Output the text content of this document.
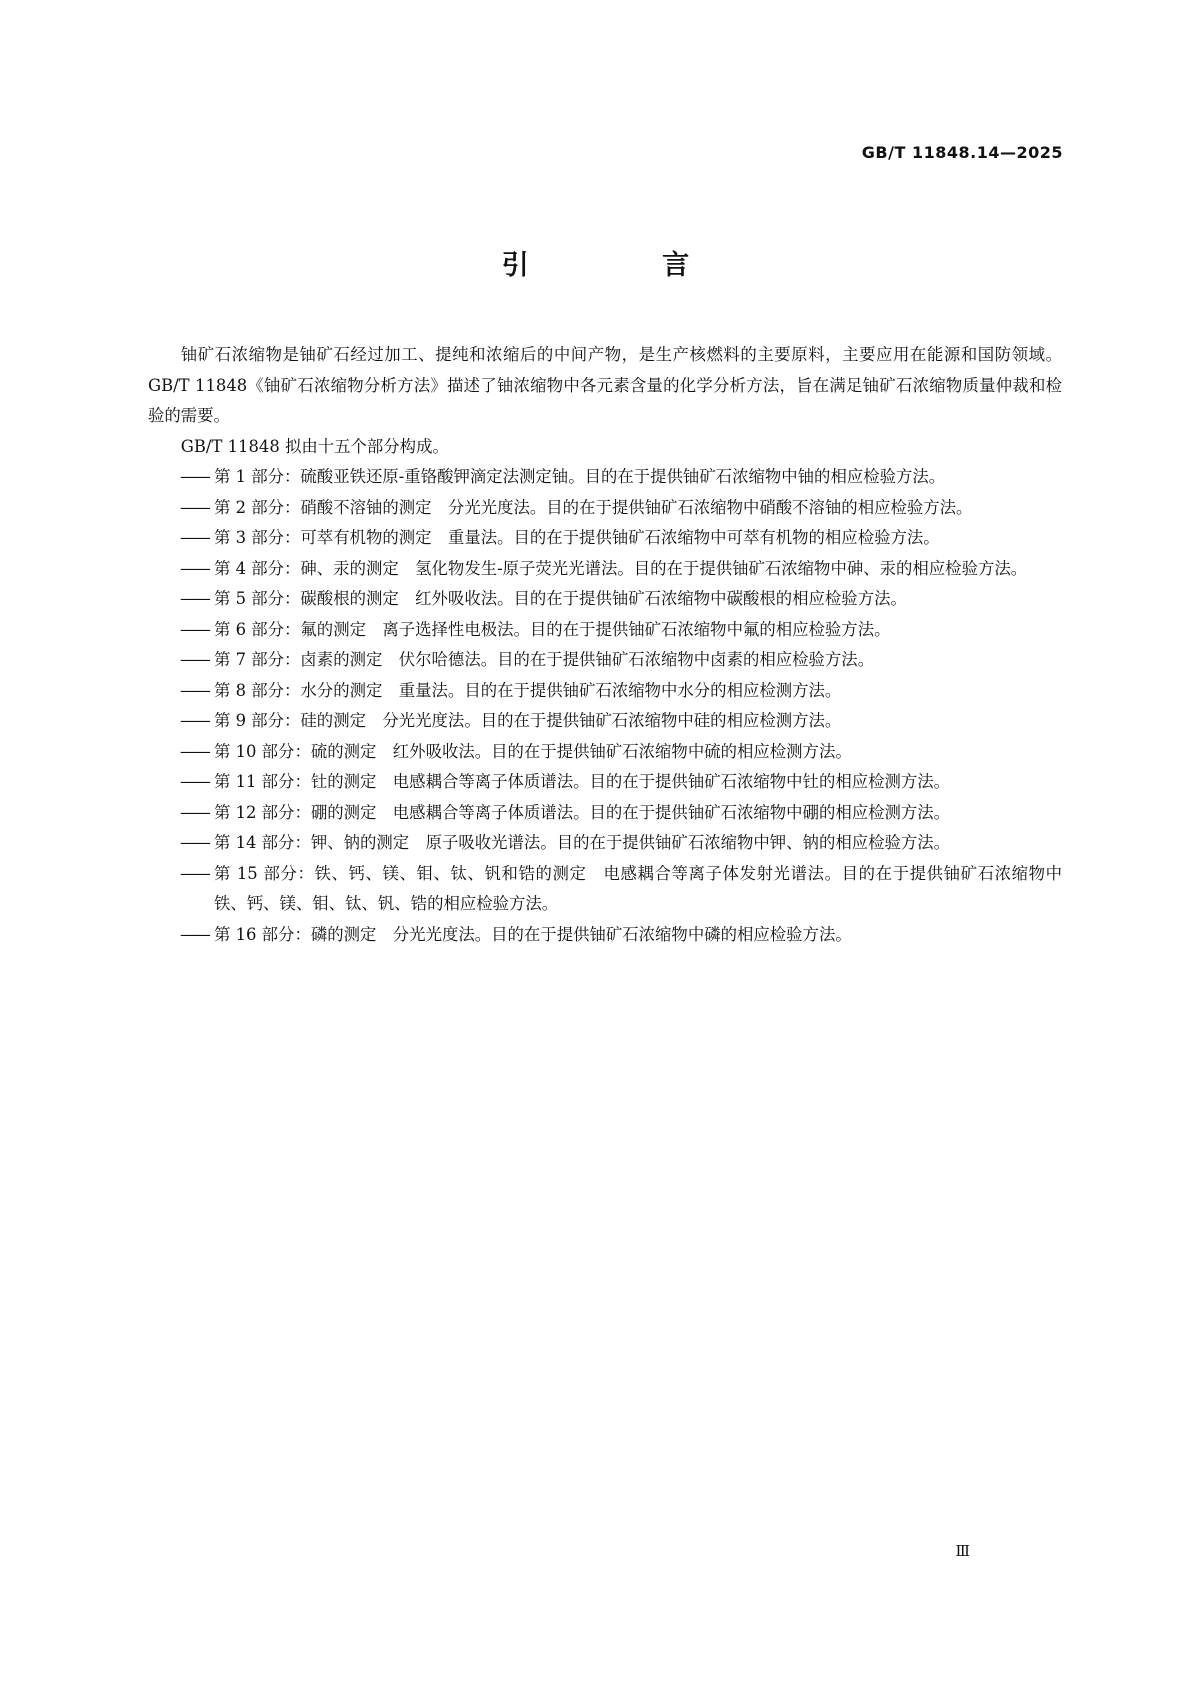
GB/T 11848.14—2025
引 言

铀矿石浓缩物是铀矿石经过加工、提纯和浓缩后的中间产物，是生产核燃料的主要原料，主要应用在能源和国防领域。GB/T 11848《铀矿石浓缩物分析方法》描述了铀浓缩物中各元素含量的化学分析方法，旨在满足铀矿石浓缩物质量仲裁和检验的需要。

GB/T 11848 拟由十五个部分构成。

—— 第 1 部分：硫酸亚铁还原-重铬酸钾滴定法测定铀。目的在于提供铀矿石浓缩物中铀的相应检验方法。
—— 第 2 部分：硝酸不溶铀的测定　分光光度法。目的在于提供铀矿石浓缩物中硝酸不溶铀的相应检验方法。
—— 第 3 部分：可萃有机物的测定　重量法。目的在于提供铀矿石浓缩物中可萃有机物的相应检验方法。
—— 第 4 部分：砷、汞的测定　氢化物发生-原子荧光光谱法。目的在于提供铀矿石浓缩物中砷、汞的相应检验方法。
—— 第 5 部分：碳酸根的测定　红外吸收法。目的在于提供铀矿石浓缩物中碳酸根的相应检验方法。
—— 第 6 部分：氟的测定　离子选择性电极法。目的在于提供铀矿石浓缩物中氟的相应检验方法。
—— 第 7 部分：卤素的测定　伏尔哈德法。目的在于提供铀矿石浓缩物中卤素的相应检验方法。
—— 第 8 部分：水分的测定　重量法。目的在于提供铀矿石浓缩物中水分的相应检测方法。
—— 第 9 部分：硅的测定　分光光度法。目的在于提供铀矿石浓缩物中硅的相应检测方法。
—— 第 10 部分：硫的测定　红外吸收法。目的在于提供铀矿石浓缩物中硫的相应检测方法。
—— 第 11 部分：钍的测定　电感耦合等离子体质谱法。目的在于提供铀矿石浓缩物中钍的相应检测方法。
—— 第 12 部分：硼的测定　电感耦合等离子体质谱法。目的在于提供铀矿石浓缩物中硼的相应检测方法。
—— 第 14 部分：钾、钠的测定　原子吸收光谱法。目的在于提供铀矿石浓缩物中钾、钠的相应检验方法。
—— 第 15 部分：铁、钙、镁、钼、钛、钒和锆的测定　电感耦合等离子体发射光谱法。目的在于提供铀矿石浓缩物中铁、钙、镁、钼、钛、钒、锆的相应检验方法。
—— 第 16 部分：磷的测定　分光光度法。目的在于提供铀矿石浓缩物中磷的相应检验方法。
Ⅲ
